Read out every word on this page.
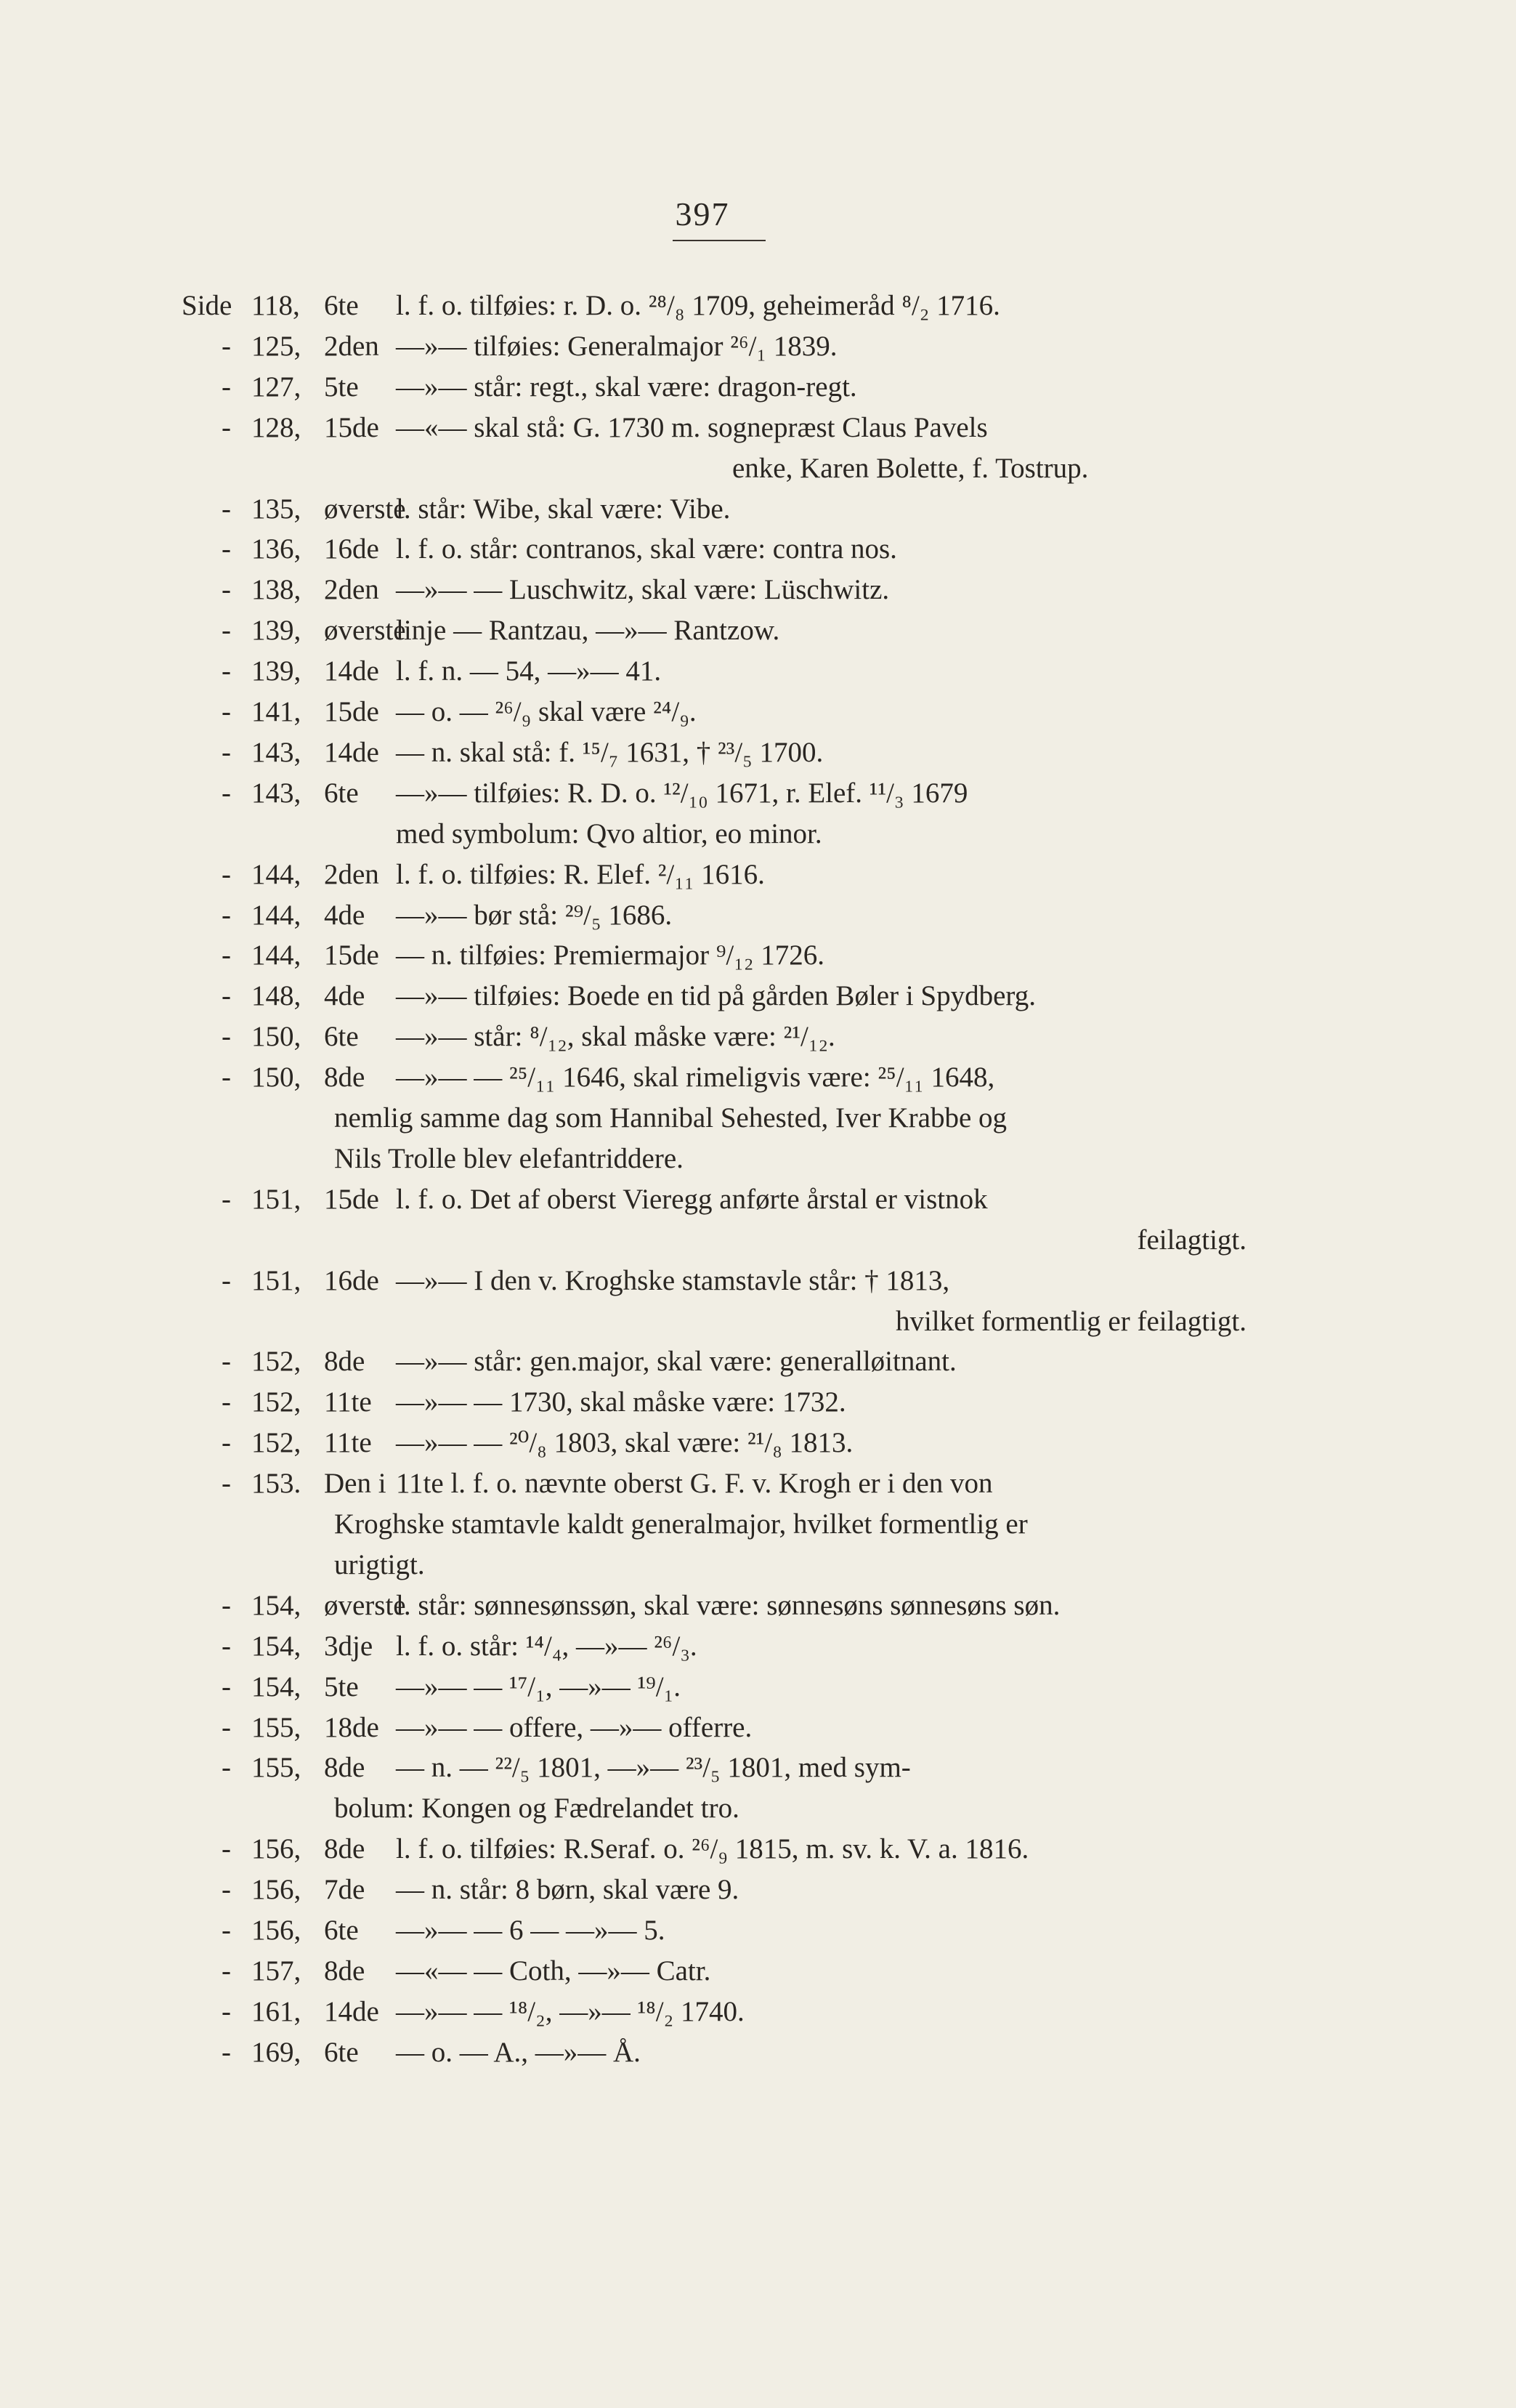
397
Side 118, 6te l. f. o. tilføies: r. D. o. ²⁸/₈ 1709, geheimeråd ⁸/₂ 1716.
- 125, 2den —»— tilføies: Generalmajor ²⁶/₁ 1839.
- 127, 5te —»— står: regt., skal være: dragon-regt.
- 128, 15de —«— skal stå: G. 1730 m. sognepræst Claus Pavels
enke, Karen Bolette, f. Tostrup.
- 135, øverste
l. står: Wibe, skal være: Vibe.
- 136, 16de l. f. o. står: contranos, skal være: contra nos.
- 138, 2den —»— — Luschwitz, skal være: Lüschwitz.
- 139, øverste
linje — Rantzau, —»— Rantzow.
- 139, 14de l. f. n. — 54, —»— 41.
- 141, 15de — o. — ²⁶/₉ skal være ²⁴/₉.
- 143, 14de — n. skal stå: f. ¹⁵/₇ 1631, † ²³/₅ 1700.
- 143, 6te —»— tilføies: R. D. o. ¹²/₁₀ 1671, r. Elef. ¹¹/₃ 1679
med symbolum: Qvo altior, eo minor.
- 144, 2den l. f. o. tilføies: R. Elef. ²/₁₁ 1616.
- 144, 4de —»— bør stå: ²⁹/₅ 1686.
- 144, 15de — n. tilføies: Premiermajor ⁹/₁₂ 1726.
- 148, 4de —»— tilføies: Boede en tid på gården Bøler i Spydberg.
- 150, 6te —»— står: ⁸/₁₂, skal måske være: ²¹/₁₂.
- 150, 8de —»— — ²⁵/₁₁ 1646, skal rimeligvis være: ²⁵/₁₁ 1648,
nemlig samme dag som Hannibal Sehested, Iver Krabbe og
Nils Trolle blev elefantriddere.
- 151, 15de l. f. o. Det af oberst Vieregg anførte årstal er vistnok
feilagtigt.
- 151, 16de —»— I den v. Kroghske stamstavle står: † 1813,
hvilket formentlig er feilagtigt.
- 152, 8de —»— står: gen.major, skal være: generalløitnant.
- 152, 11te —»— — 1730, skal måske være: 1732.
- 152, 11te —»— — ²⁰/₈ 1803, skal være: ²¹/₈ 1813.
- 153. Den i 11te l. f. o. nævnte oberst G. F. v. Krogh er i den von
Kroghske stamtavle kaldt generalmajor, hvilket formentlig er
urigtigt.
- 154, øverste
l. står: sønnesønssøn, skal være: sønnesøns sønnesøns søn.
- 154, 3dje l. f. o. står: ¹⁴/₄, —»— ²⁶/₃.
- 154, 5te —»— — ¹⁷/₁, —»— ¹⁹/₁.
- 155, 18de —»— — offere, —»— offerre.
- 155, 8de — n. — ²²/₅ 1801, —»— ²³/₅ 1801, med sym-
bolum: Kongen og Fædrelandet tro.
- 156, 8de l. f. o. tilføies: R.Seraf. o. ²⁶/₉ 1815, m. sv. k. V. a. 1816.
- 156, 7de — n. står: 8 børn, skal være 9.
- 156, 6te —»— — 6 — —»— 5.
- 157, 8de —«— — Coth, —»— Catr.
- 161, 14de —»— — ¹⁸/₂, —»— ¹⁸/₂ 1740.
- 169, 6te — o. — A., —»— Å.
